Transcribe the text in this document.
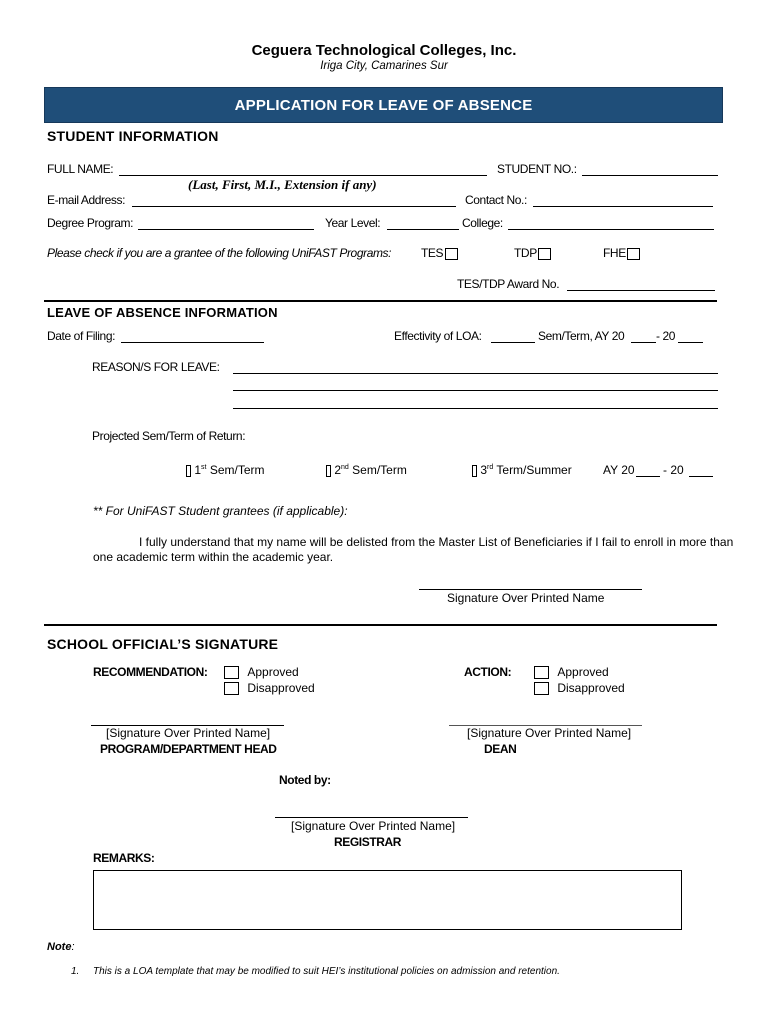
Ceguera Technological Colleges, Inc.
Iriga City, Camarines Sur
APPLICATION FOR LEAVE OF ABSENCE
STUDENT INFORMATION
FULL NAME:
(Last, First, M.I., Extension if any)
STUDENT NO.:
E-mail Address:	Contact No.:
Degree Program:	Year Level:	College:
Please check if you are a grantee of the following UniFAST Programs: TES	TDP	FHE
TES/TDP Award No.
LEAVE OF ABSENCE INFORMATION
Date of Filing:	Effectivity of LOA:	Sem/Term, AY 20	- 20
REASON/S FOR LEAVE:
Projected Sem/Term of Return:
1st Sem/Term	2nd Sem/Term	3rd Term/Summer	AY 20 - 20
** For UniFAST Student grantees (if applicable):
I fully understand that my name will be delisted from the Master List of Beneficiaries if I fail to enroll in more than
one academic term within the academic year.
Signature Over Printed Name
SCHOOL OFFICIAL’S SIGNATURE
RECOMMENDATION:	Approved
Disapproved
ACTION:	Approved
Disapproved
[Signature Over Printed Name]
PROGRAM/DEPARTMENT HEAD
[Signature Over Printed Name]
DEAN
Noted by:
[Signature Over Printed Name]
REGISTRAR
REMARKS:
Note:
1. This is a LOA template that may be modified to suit HEI’s institutional policies on admission and retention.
